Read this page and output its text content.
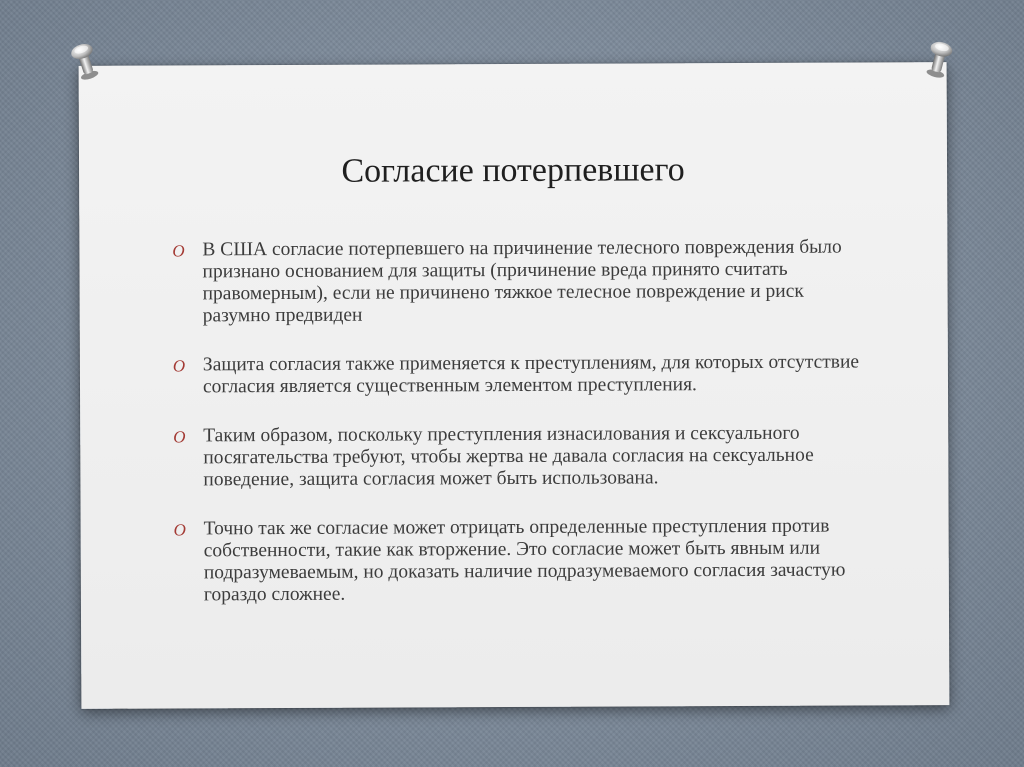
Согласие потерпевшего
O В США согласие потерпевшего на причинение телесного повреждения было признано основанием для защиты (причинение вреда принято считать правомерным), если не причинено тяжкое телесное повреждение и риск разумно предвиден
O Защита согласия также применяется к преступлениям, для которых отсутствие согласия является существенным элементом преступления.
O Таким образом, поскольку преступления изнасилования и сексуального посягательства требуют, чтобы жертва не давала согласия на сексуальное поведение, защита согласия может быть использована.
O Точно так же согласие может отрицать определенные преступления против собственности, такие как вторжение. Это согласие может быть явным или подразумеваемым, но доказать наличие подразумеваемого согласия зачастую гораздо сложнее.
